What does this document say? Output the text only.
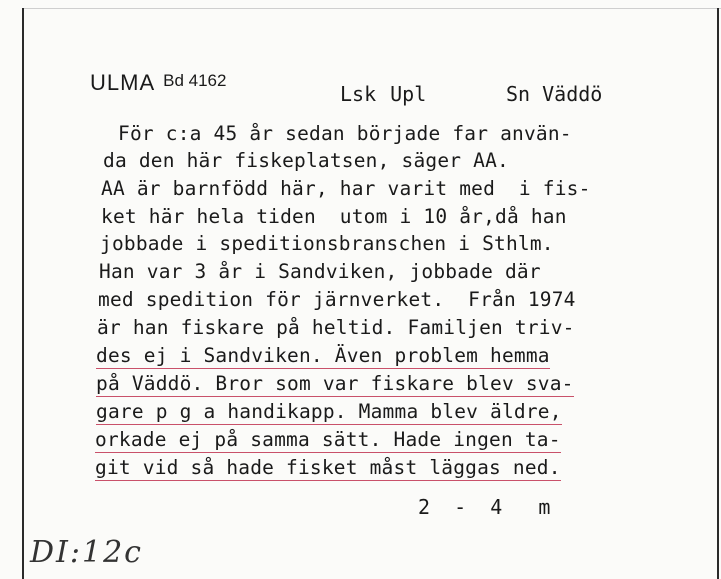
ULMA Bd 4162
Lsk Upl	Sn Väddö
För c:a 45 år sedan började far använ-
da den här fiskeplatsen, säger AA.
AA är barnfödd här, har varit med  i fis-
ket här hela tiden  utom i 10 år,då han
jobbade i speditionsbranschen i Sthlm.
Han var 3 år i Sandviken, jobbade där
med spedition för järnverket.  Från 1974
är han fiskare på heltid. Familjen triv-
des ej i Sandviken. Även problem hemma
på Väddö. Bror som var fiskare blev sva-
gare p g a handikapp. Mamma blev äldre,
orkade ej på samma sätt. Hade ingen ta-
git vid så hade fisket måst läggas ned.
2  -  4   m
DI:12c
